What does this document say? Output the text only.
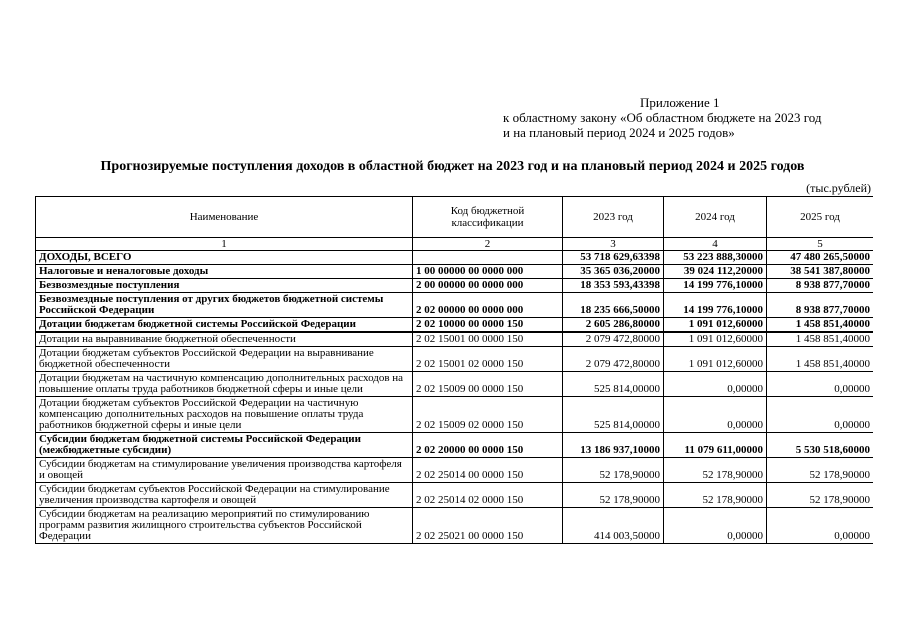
Приложение 1
к областному закону «Об областном бюджете на 2023 год
и на плановый период 2024 и 2025 годов»
Прогнозируемые поступления доходов в областной бюджет на 2023 год и на плановый период 2024 и 2025 годов
(тыс.рублей)
Наименование	Код бюджетной классификации	2023 год	2024 год	2025 год
1	2	3	4	5
ДОХОДЫ, ВСЕГО		53 718 629,63398	53 223 888,30000	47 480 265,50000
Налоговые и неналоговые доходы	1 00 00000 00 0000 000	35 365 036,20000	39 024 112,20000	38 541 387,80000
Безвозмездные поступления	2 00 00000 00 0000 000	18 353 593,43398	14 199 776,10000	8 938 877,70000
Безвозмездные поступления от других бюджетов бюджетной системы Российской Федерации	2 02 00000 00 0000 000	18 235 666,50000	14 199 776,10000	8 938 877,70000
Дотации бюджетам бюджетной системы Российской Федерации	2 02 10000 00 0000 150	2 605 286,80000	1 091 012,60000	1 458 851,40000
Дотации на выравнивание бюджетной обеспеченности	2 02 15001 00 0000 150	2 079 472,80000	1 091 012,60000	1 458 851,40000
Дотации бюджетам субъектов Российской Федерации на выравнивание бюджетной обеспеченности	2 02 15001 02 0000 150	2 079 472,80000	1 091 012,60000	1 458 851,40000
Дотации бюджетам на частичную компенсацию дополнительных расходов на повышение оплаты труда работников бюджетной сферы и иные цели	2 02 15009 00 0000 150	525 814,00000	0,00000	0,00000
Дотации бюджетам субъектов Российской Федерации на частичную компенсацию дополнительных расходов на повышение оплаты труда работников бюджетной сферы и иные цели	2 02 15009 02 0000 150	525 814,00000	0,00000	0,00000
Субсидии бюджетам бюджетной системы Российской Федерации (межбюджетные субсидии)	2 02 20000 00 0000 150	13 186 937,10000	11 079 611,00000	5 530 518,60000
Субсидии бюджетам на стимулирование увеличения производства картофеля и овощей	2 02 25014 00 0000 150	52 178,90000	52 178,90000	52 178,90000
Субсидии бюджетам субъектов Российской Федерации на стимулирование увеличения производства картофеля и овощей	2 02 25014 02 0000 150	52 178,90000	52 178,90000	52 178,90000
Субсидии бюджетам на реализацию мероприятий по стимулированию программ развития жилищного строительства субъектов Российской Федерации	2 02 25021 00 0000 150	414 003,50000	0,00000	0,00000
